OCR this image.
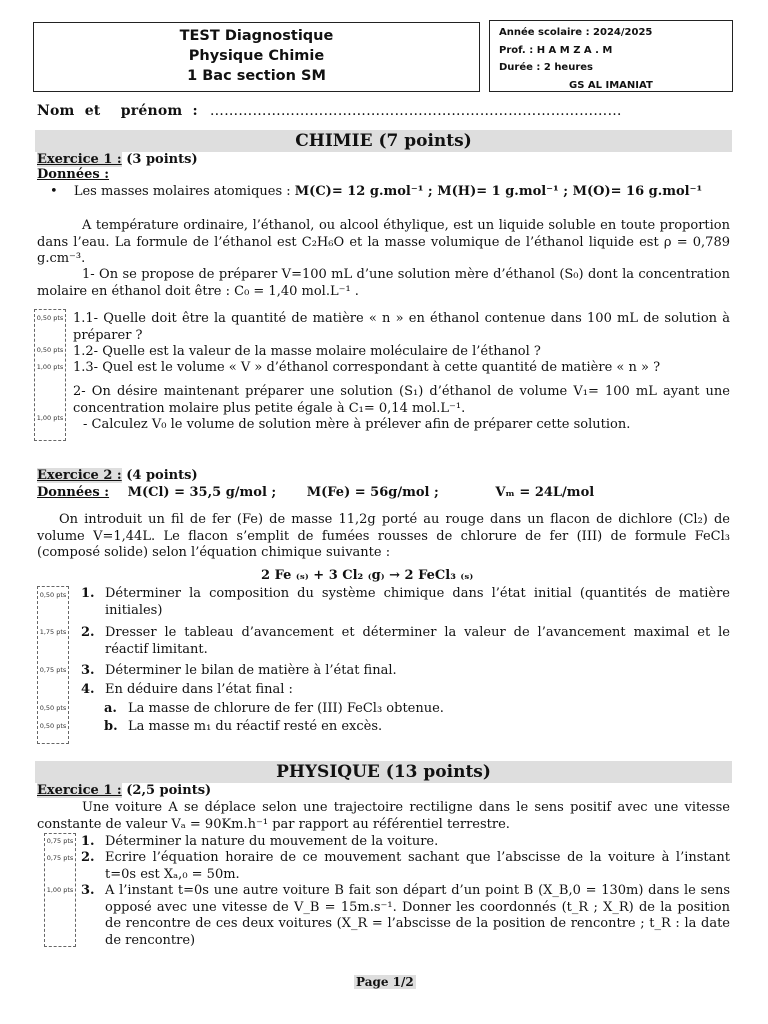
TEST Diagnostique
Physique Chimie
1 Bac section SM
Année scolaire : 2024/2025
Prof. : H A M Z A . M
Durée : 2 heures
GS AL IMANIAT
Nom  et    prénom  : ……………………………………………………………………………
CHIMIE (7 points)
Exercice 1 : (3 points)
Données :
• Les masses molaires atomiques : M(C)= 12 g.mol⁻¹ ; M(H)= 1 g.mol⁻¹ ; M(O)= 16 g.mol⁻¹
A température ordinaire, l’éthanol, ou alcool éthylique, est un liquide soluble en toute proportion dans l’eau. La formule de l’éthanol est C₂H₆O et la masse volumique de l’éthanol liquide est ρ = 0,789 g.cm⁻³.
1- On se propose de préparer V=100 mL d’une solution mère d’éthanol (S₀) dont la concentration molaire en éthanol doit être : C₀ = 1,40 mol.L⁻¹ .
0,50 pts
0,50 pts
1,00 pts
1,00 pts
1.1- Quelle doit être la quantité de matière « n » en éthanol contenue dans 100 mL de solution à préparer ?
1.2- Quelle est la valeur de la masse molaire moléculaire de l’éthanol ?
1.3- Quel est le volume « V » d’éthanol correspondant à cette quantité de matière « n » ?
2- On désire maintenant préparer une solution (S₁) d’éthanol de volume V₁= 100 mL ayant une concentration molaire plus petite égale à C₁= 0,14 mol.L⁻¹.
- Calculez V₀ le volume de solution mère à prélever afin de préparer cette solution.
Exercice 2 : (4 points)
Données : M(Cl) = 35,5 g/mol ; M(Fe) = 56g/mol ;	Vₘ = 24L/mol
On introduit un fil de fer (Fe) de masse 11,2g porté au rouge dans un flacon de dichlore (Cl₂) de volume V=1,44L. Le flacon s’emplit de fumées rousses de chlorure de fer (III) de formule FeCl₃ (composé solide) selon l’équation chimique suivante :
2 Fe ₍ₛ₎ + 3 Cl₂ ₍g₎ → 2 FeCl₃ ₍ₛ₎
0,50 pts
1,75 pts
0,75 pts
0,50 pts
0,50 pts
1. Déterminer la composition du système chimique dans l’état initial (quantités de matière initiales)
2. Dresser le tableau d’avancement et déterminer la valeur de l’avancement maximal et le réactif limitant.
3. Déterminer le bilan de matière à l’état final.
4. En déduire dans l’état final :
a. La masse de chlorure de fer (III) FeCl₃ obtenue.
b. La masse m₁ du réactif resté en excès.
PHYSIQUE (13 points)
Exercice 1 : (2,5 points)
Une voiture A se déplace selon une trajectoire rectiligne dans le sens positif avec une vitesse constante de valeur Vₐ = 90Km.h⁻¹ par rapport au référentiel terrestre.
0,75 pts
0,75 pts
1,00 pts
1. Déterminer la nature du mouvement de la voiture.
2. Ecrire l’équation horaire de ce mouvement sachant que l’abscisse de la voiture à l’instant t=0s est Xₐ,₀ = 50m.
3. A l’instant t=0s une autre voiture B fait son départ d’un point B (X_B,0 = 130m) dans le sens opposé avec une vitesse de V_B = 15m.s⁻¹. Donner les coordonnés (t_R ; X_R) de la position de rencontre de ces deux voitures (X_R = l’abscisse de la position de rencontre ; t_R : la date de rencontre)
Page 1/2
